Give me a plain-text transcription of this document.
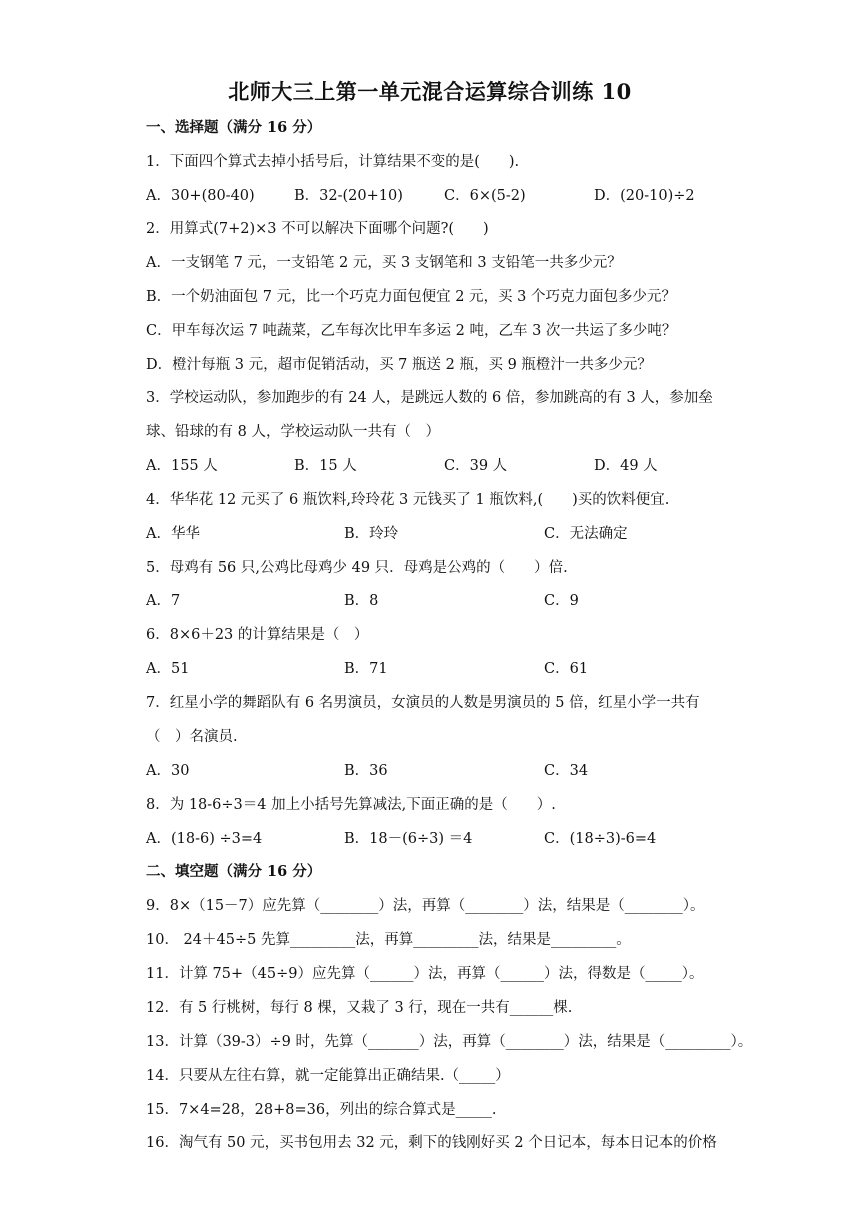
北师大三上第一单元混合运算综合训练 10
一、选择题（满分 16 分）
1．下面四个算式去掉小括号后，计算结果不变的是(　　).
A．30+(80-40)	B．32-(20+10)	C．6×(5-2)	D．(20-10)÷2
2．用算式(7+2)×3 不可以解决下面哪个问题?(　　)
A．一支钢笔 7 元，一支铅笔 2 元，买 3 支钢笔和 3 支铅笔一共多少元？
B．一个奶油面包 7 元，比一个巧克力面包便宜 2 元，买 3 个巧克力面包多少元？
C．甲车每次运 7 吨蔬菜，乙车每次比甲车多运 2 吨，乙车 3 次一共运了多少吨？
D．橙汁每瓶 3 元，超市促销活动，买 7 瓶送 2 瓶，买 9 瓶橙汁一共多少元？
3．学校运动队，参加跑步的有 24 人，是跳远人数的 6 倍，参加跳高的有 3 人，参加垒
球、铅球的有 8 人，学校运动队一共有（　）
A．155 人	B．15 人	C．39 人	D．49 人
4．华华花 12 元买了 6 瓶饮料,玲玲花 3 元钱买了 1 瓶饮料,(　　)买的饮料便宜.
A．华华	B．玲玲	C．无法确定
5．母鸡有 56 只,公鸡比母鸡少 49 只．母鸡是公鸡的（　　）倍.
A．7	B．8	C．9
6．8×6＋23 的计算结果是（　）
A．51	B．71	C．61
7．红星小学的舞蹈队有 6 名男演员，女演员的人数是男演员的 5 倍，红星小学一共有
（　）名演员.
A．30	B．36	C．34
8．为 18-6÷3＝4 加上小括号先算减法,下面正确的是（　　）.
A．(18-6) ÷3=4	B．18－(6÷3) ＝4	C．(18÷3)-6=4
二、填空题（满分 16 分）
9．8×（15－7）应先算（________）法，再算（________）法，结果是（________）。
10． 24＋45÷5 先算_________法，再算_________法，结果是_________。
11．计算 75+（45÷9）应先算（______）法，再算（______）法，得数是（_____）。
12．有 5 行桃树，每行 8 棵，又栽了 3 行，现在一共有______棵.
13．计算（39-3）÷9 时，先算（_______）法，再算（________）法，结果是（_________）。
14．只要从左往右算，就一定能算出正确结果.（_____）
15．7×4=28，28+8=36，列出的综合算式是_____.
16．淘气有 50 元，买书包用去 32 元，剩下的钱刚好买 2 个日记本，每本日记本的价格
